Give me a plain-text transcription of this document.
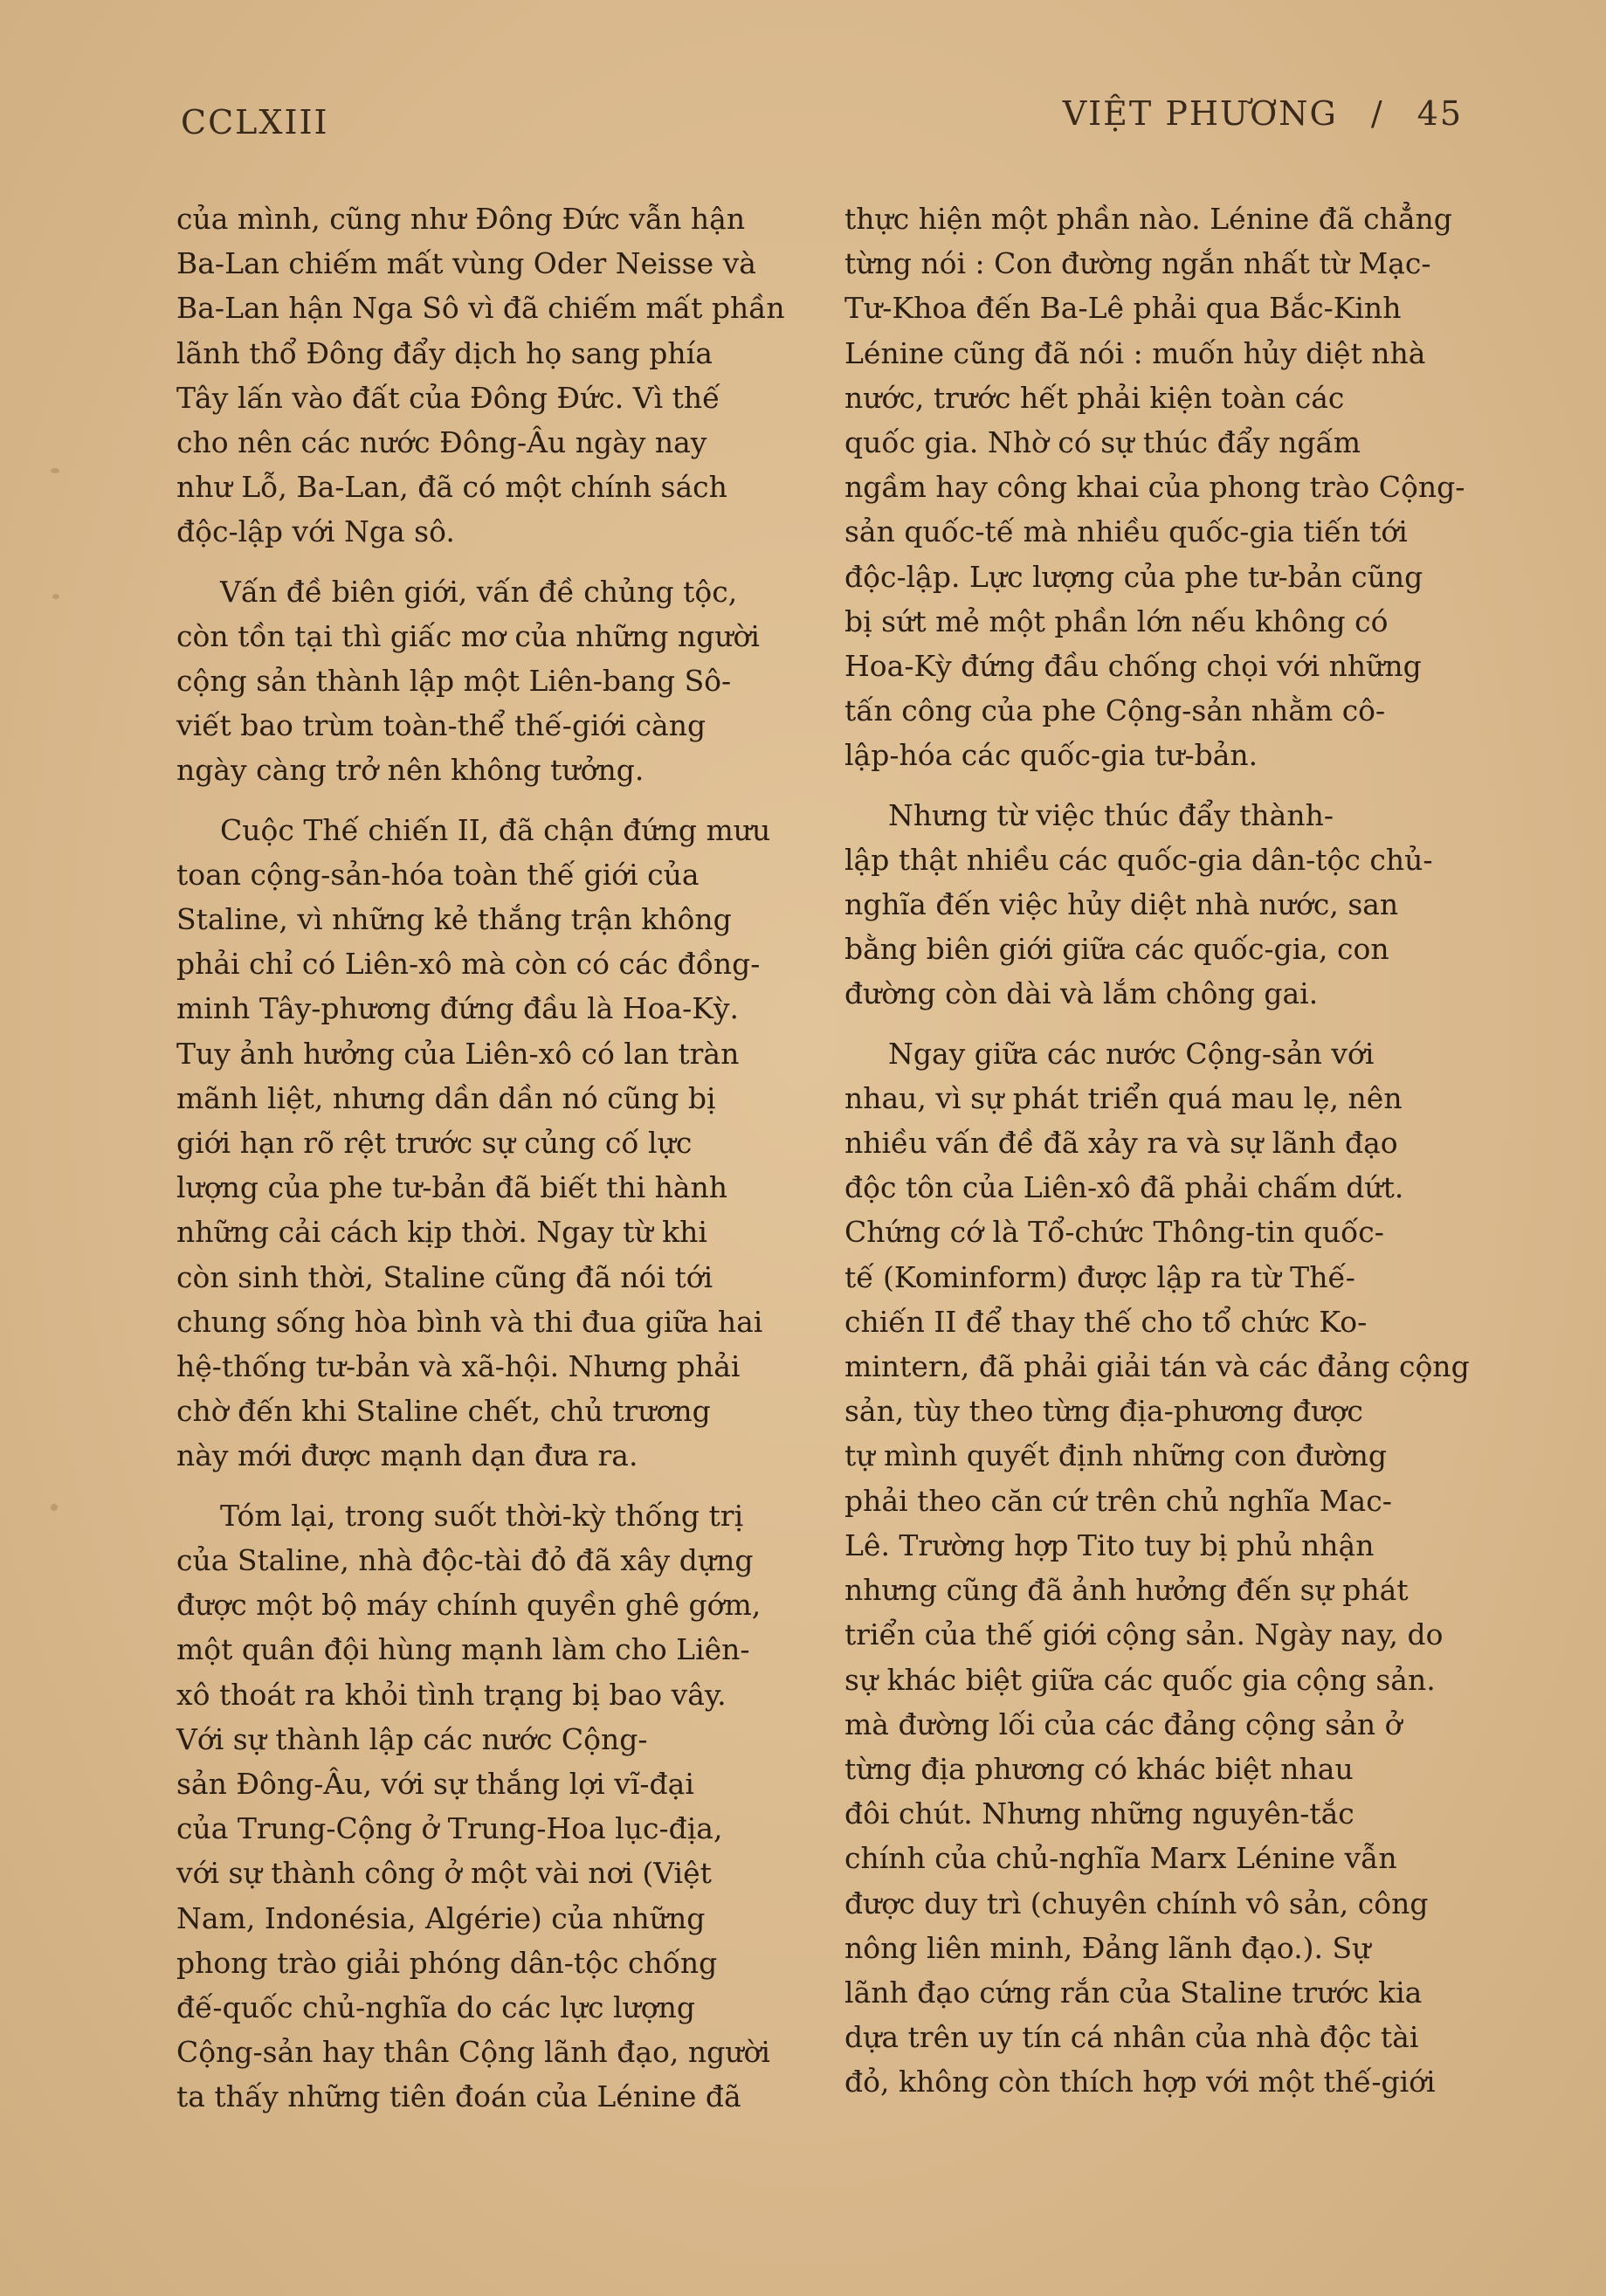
CCLXIII	VIỆT PHƯƠNG / 45

của mình, cũng như Đông Đức vẫn hận
Ba-Lan chiếm mất vùng Oder Neisse và
Ba-Lan hận Nga Sô vì đã chiếm mất phần
lãnh thổ Đông đẩy dịch họ sang phía
Tây lấn vào đất của Đông Đức. Vì thế
cho nên các nước Đông-Âu ngày nay
như Lỗ, Ba-Lan, đã có một chính sách
độc-lập với Nga sô.

Vấn đề biên giới, vấn đề chủng tộc,
còn tồn tại thì giấc mơ của những người
cộng sản thành lập một Liên-bang Sô-
viết bao trùm toàn-thể thế-giới càng
ngày càng trở nên không tưởng.

Cuộc Thế chiến II, đã chận đứng mưu
toan cộng-sản-hóa toàn thế giới của
Staline, vì những kẻ thắng trận không
phải chỉ có Liên-xô mà còn có các đồng-
minh Tây-phương đứng đầu là Hoa-Kỳ.
Tuy ảnh hưởng của Liên-xô có lan tràn
mãnh liệt, nhưng dần dần nó cũng bị
giới hạn rõ rệt trước sự củng cố lực
lượng của phe tư-bản đã biết thi hành
những cải cách kịp thời. Ngay từ khi
còn sinh thời, Staline cũng đã nói tới
chung sống hòa bình và thi đua giữa hai
hệ-thống tư-bản và xã-hội. Nhưng phải
chờ đến khi Staline chết, chủ trương
này mới được mạnh dạn đưa ra.

Tóm lại, trong suốt thời-kỳ thống trị
của Staline, nhà độc-tài đỏ đã xây dựng
được một bộ máy chính quyền ghê gớm,
một quân đội hùng mạnh làm cho Liên-
xô thoát ra khỏi tình trạng bị bao vây.
Với sự thành lập các nước Cộng-
sản Đông-Âu, với sự thắng lợi vĩ-đại
của Trung-Cộng ở Trung-Hoa lục-địa,
với sự thành công ở một vài nơi (Việt
Nam, Indonésia, Algérie) của những
phong trào giải phóng dân-tộc chống
đế-quốc chủ-nghĩa do các lực lượng
Cộng-sản hay thân Cộng lãnh đạo, người
ta thấy những tiên đoán của Lénine đã

thực hiện một phần nào. Lénine đã chẳng
từng nói : Con đường ngắn nhất từ Mạc-
Tư-Khoa đến Ba-Lê phải qua Bắc-Kinh
Lénine cũng đã nói : muốn hủy diệt nhà
nước, trước hết phải kiện toàn các
quốc gia. Nhờ có sự thúc đẩy ngấm
ngầm hay công khai của phong trào Cộng-
sản quốc-tế mà nhiều quốc-gia tiến tới
độc-lập. Lực lượng của phe tư-bản cũng
bị sứt mẻ một phần lớn nếu không có
Hoa-Kỳ đứng đầu chống chọi với những
tấn công của phe Cộng-sản nhằm cô-
lập-hóa các quốc-gia tư-bản.

Nhưng từ việc thúc đẩy thành-
lập thật nhiều các quốc-gia dân-tộc chủ-
nghĩa đến việc hủy diệt nhà nước, san
bằng biên giới giữa các quốc-gia, con
đường còn dài và lắm chông gai.

Ngay giữa các nước Cộng-sản với
nhau, vì sự phát triển quá mau lẹ, nên
nhiều vấn đề đã xảy ra và sự lãnh đạo
độc tôn của Liên-xô đã phải chấm dứt.
Chứng cớ là Tổ-chức Thông-tin quốc-
tế (Kominform) được lập ra từ Thế-
chiến II để thay thế cho tổ chức Ko-
mintern, đã phải giải tán và các đảng cộng
sản, tùy theo từng địa-phương được
tự mình quyết định những con đường
phải theo căn cứ trên chủ nghĩa Mac-
Lê. Trường hợp Tito tuy bị phủ nhận
nhưng cũng đã ảnh hưởng đến sự phát
triển của thế giới cộng sản. Ngày nay, do
sự khác biệt giữa các quốc gia cộng sản.
mà đường lối của các đảng cộng sản ở
từng địa phương có khác biệt nhau
đôi chút. Nhưng những nguyên-tắc
chính của chủ-nghĩa Marx Lénine vẫn
được duy trì (chuyên chính vô sản, công
nông liên minh, Đảng lãnh đạo.). Sự
lãnh đạo cứng rắn của Staline trước kia
dựa trên uy tín cá nhân của nhà độc tài
đỏ, không còn thích hợp với một thế-giới
